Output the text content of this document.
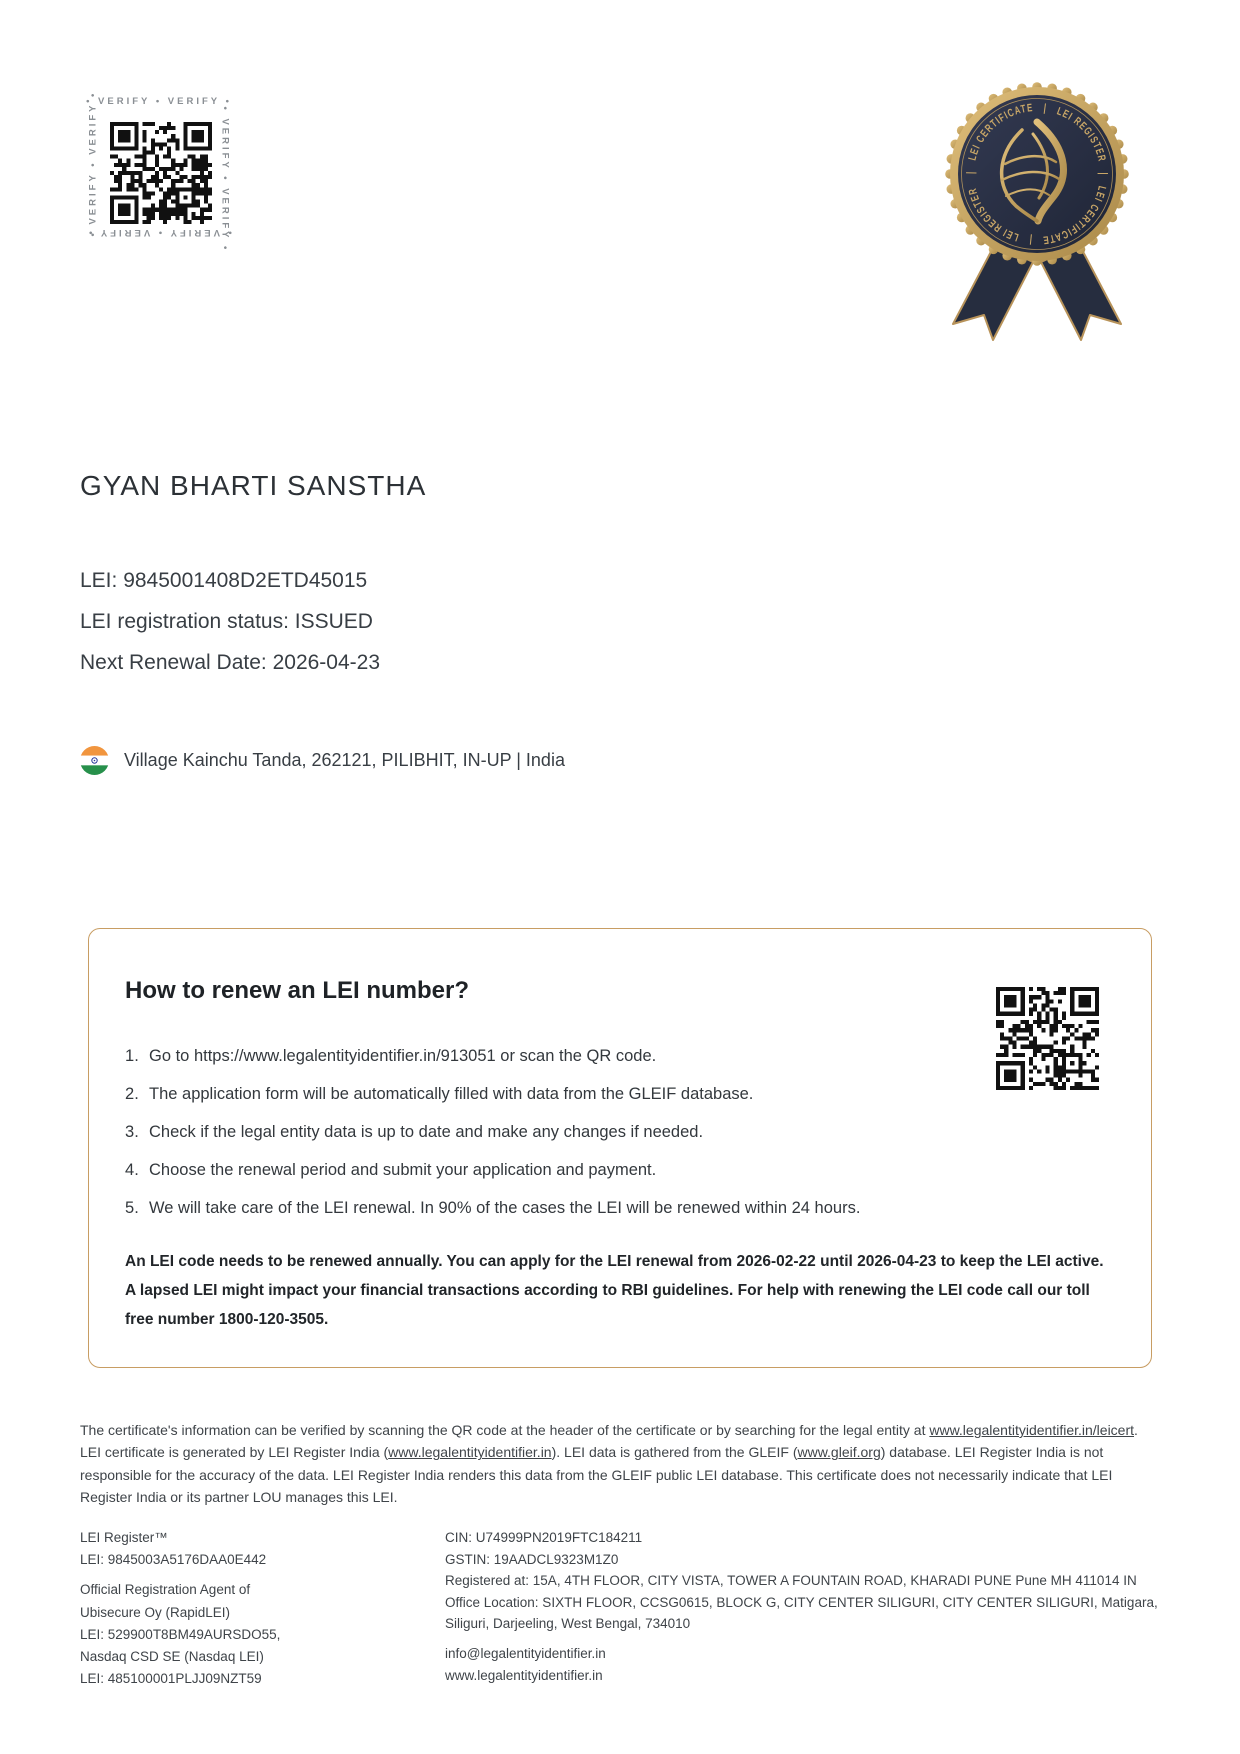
• VERIFY • VERIFY •
• VERIFY • VERIFY •
• VERIFY • VERIFY •
• VERIFY • VERIFY •	|   LEI CERTIFICATE   |   LEI REGISTER   |   LEI CERTIFICATE   |   LEI REGISTER
GYAN BHARTI SANSTHA
LEI: 9845001408D2ETD45015
LEI registration status: ISSUED
Next Renewal Date: 2026-04-23
Village Kainchu Tanda, 262121, PILIBHIT, IN-UP | India
How to renew an LEI number?
Go to https://www.legalentityidentifier.in/913051 or scan the QR code.
The application form will be automatically filled with data from the GLEIF database.
Check if the legal entity data is up to date and make any changes if needed.
Choose the renewal period and submit your application and payment.
We will take care of the LEI renewal. In 90% of the cases the LEI will be renewed within 24 hours.
An LEI code needs to be renewed annually. You can apply for the LEI renewal from 2026-02-22 until 2026-04-23 to keep the LEI active. A lapsed LEI might impact your financial transactions according to RBI guidelines. For help with renewing the LEI code call our toll free number 1800-120-3505.
The certificate's information can be verified by scanning the QR code at the header of the certificate or by searching for the legal entity at www.legalentityidentifier.in/leicert. LEI certificate is generated by LEI Register India (www.legalentityidentifier.in). LEI data is gathered from the GLEIF (www.gleif.org) database. LEI Register India is not responsible for the accuracy of the data. LEI Register India renders this data from the GLEIF public LEI database. This certificate does not necessarily indicate that LEI Register India or its partner LOU manages this LEI.
LEI Register™
LEI: 9845003A5176DAA0E442
Official Registration Agent of
Ubisecure Oy (RapidLEI)
LEI: 529900T8BM49AURSDO55,
Nasdaq CSD SE (Nasdaq LEI)
LEI: 485100001PLJJ09NZT59
CIN: U74999PN2019FTC184211
GSTIN: 19AADCL9323M1Z0
Registered at: 15A, 4TH FLOOR, CITY VISTA, TOWER A FOUNTAIN ROAD, KHARADI PUNE Pune MH 411014 IN
Office Location: SIXTH FLOOR, CCSG0615, BLOCK G, CITY CENTER SILIGURI, CITY CENTER SILIGURI, Matigara, Siliguri, Darjeeling, West Bengal, 734010
info@legalentityidentifier.in
www.legalentityidentifier.in
